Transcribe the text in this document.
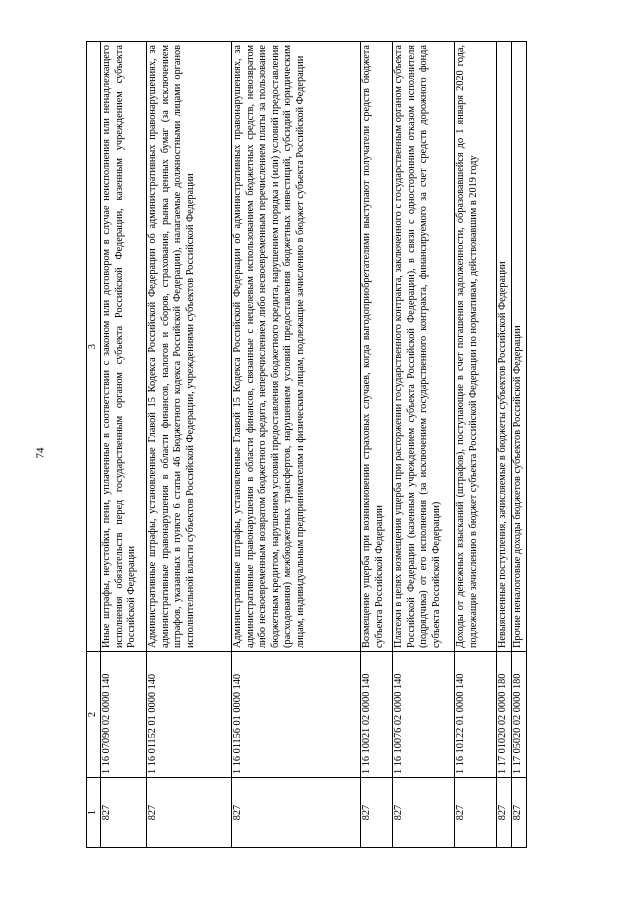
74
1	2	3
827	1 16 07090 02 0000 140	Иные штрафы, неустойки, пени, уплаченные в соответствии с законом или договором в случае неисполнения или ненадлежащего исполнения обязательств перед государственным органом субъекта Российской Федерации, казенным учреждением субъекта Российской Федерации
827	1 16 01152 01 0000 140	Административные штрафы, установленные Главой 15 Кодекса Российской Федерации об административных правонарушениях, за административные правонарушения в области финансов, налогов и сборов, страхования, рынка ценных бумаг (за исключением штрафов, указанных в пункте 6 статьи 46 Бюджетного кодекса Российской Федерации), налагаемые должностными лицами органов исполнительной власти субъектов Российской Федерации, учреждениями субъектов Российской Федерации
827	1 16 01156 01 0000 140	Административные штрафы, установленные Главой 15 Кодекса Российской Федерации об административных правонарушениях, за административные правонарушения в области финансов, связанные с нецелевым использованием бюджетных средств, невозвратом либо несвоевременным возвратом бюджетного кредита, неперечислением либо несвоевременным перечислением платы за пользование бюджетным кредитом, нарушением условий предоставления бюджетного кредита, нарушением порядка и (или) условий предоставления (расходования) межбюджетных трансфертов, нарушением условий предоставления бюджетных инвестиций, субсидий юридическим лицам, индивидуальным предпринимателям и физическим лицам, подлежащие зачислению в бюджет субъекта Российской Федерации
827	1 16 10021 02 0000 140	Возмещение ущерба при возникновении страховых случаев, когда выгодоприобретателями выступают получатели средств бюджета субъекта Российской Федерации
827	1 16 10076 02 0000 140	Платежи в целях возмещения ущерба при расторжении государственного контракта, заключенного с государственным органом субъекта Российской Федерации (казенным учреждением субъекта Российской Федерации), в связи с односторонним отказом исполнителя (подрядчика) от его исполнения (за исключением государственного контракта, финансируемого за счет средств дорожного фонда субъекта Российской Федерации)
827	1 16 10122 01 0000 140	Доходы от денежных взысканий (штрафов), поступающие в счет погашения задолженности, образовавшейся до 1 января 2020 года, подлежащие зачислению в бюджет субъекта Российской Федерации по нормативам, действовавшим в 2019 году
827	1 17 01020 02 0000 180	Невыясненные поступления, зачисляемые в бюджеты субъектов Российской Федерации
827	1 17 05020 02 0000 180	Прочие неналоговые доходы бюджетов субъектов Российской Федерации
